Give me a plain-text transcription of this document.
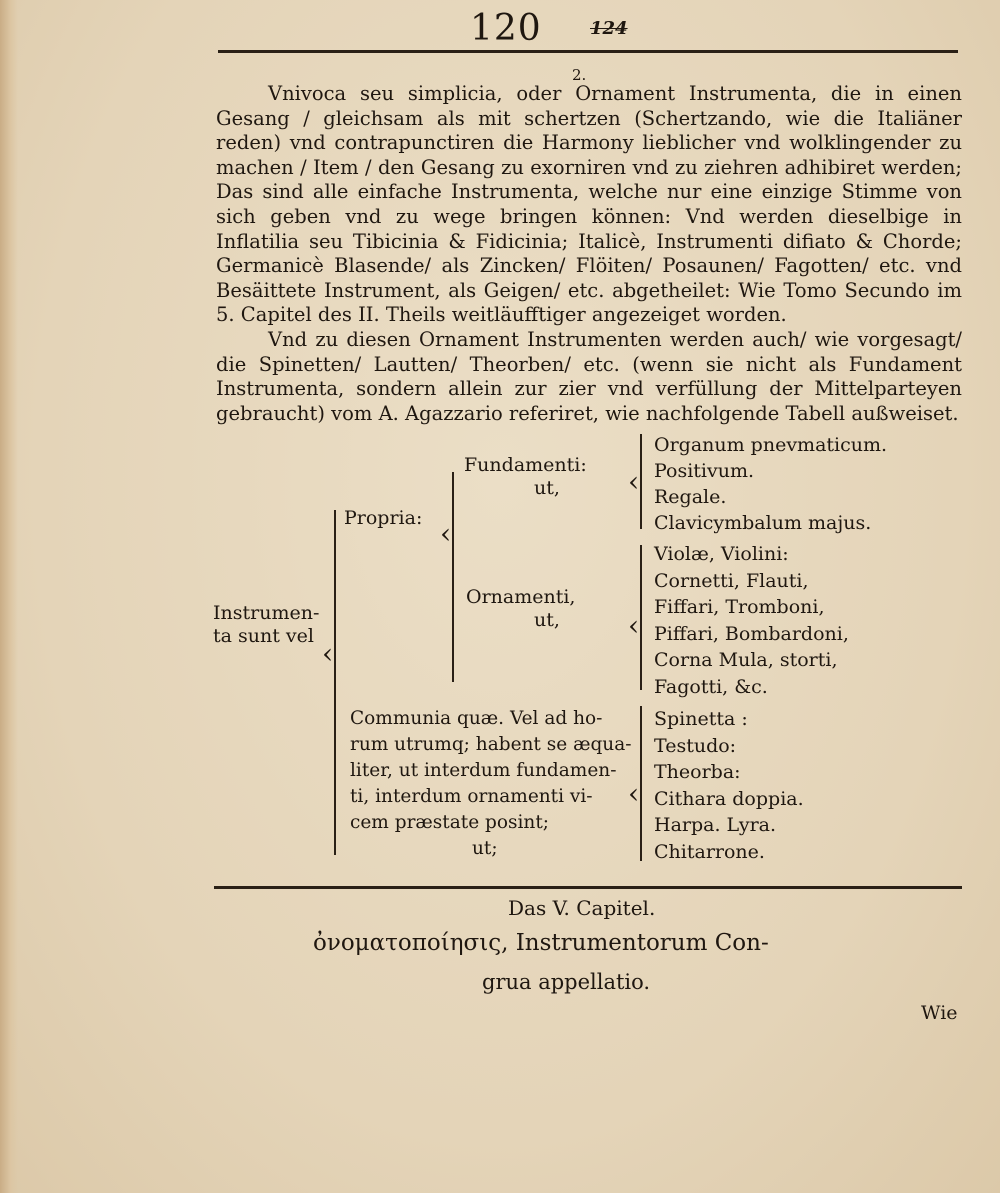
120	124
2.
Vnivoca seu simplicia, oder Ornament Instrumenta, die in einen Gesang / gleichsam als mit schertzen (Schertzando, wie die Italiäner reden) vnd contrapunctiren die Harmony lieblicher vnd wolklingender zu machen / Item / den Gesang zu exorniren vnd zu ziehren adhibiret werden; Das sind alle einfache Instrumenta, welche nur eine einzige Stimme von sich geben vnd zu wege bringen können: Vnd werden dieselbige in Inflatilia seu Tibicinia & Fidicinia; Italicè, Instrumenti difiato & Chorde; Germanicè Blasende/ als Zincken/ Flöiten/ Posaunen/ Fagotten/ etc. vnd Besäittete Instrument, als Geigen/ etc. abgetheilet: Wie Tomo Secundo im 5. Capitel des II. Theils weitläufftiger angezeiget worden.
Vnd zu diesen Ornament Instrumenten werden auch/ wie vorgesagt/ die Spinetten/ Lautten/ Theorben/ etc. (wenn sie nicht als Fundament Instrumenta, sondern allein zur zier vnd verfüllung der Mittelparteyen gebraucht) vom A. Agazzario referiret, wie nachfolgende Tabell außweiset.
Instrumen-
ta sunt vel
‹
Propria: ‹
Fundamenti:
ut,	‹
Organum pnevmaticum.
Positivum.
Regale.
Clavicymbalum majus.
Ornamenti,
ut,	‹
Violæ, Violini:
Cornetti, Flauti,
Fiffari, Tromboni,
Piffari, Bombardoni,
Corna Mula, storti,
Fagotti, &c.
Communia quæ. Vel ad ho-
rum utrumq; habent se æqua-
liter, ut interdum fundamen-
ti, interdum ornamenti vi-
cem præstate posint;
ut;
‹
Spinetta :
Testudo:
Theorba:
Cithara doppia.
Harpa. Lyra.
Chitarrone.
Das V. Capitel.
ὀνοματοποίησις, Instrumentorum Con-
grua appellatio.
Wie
